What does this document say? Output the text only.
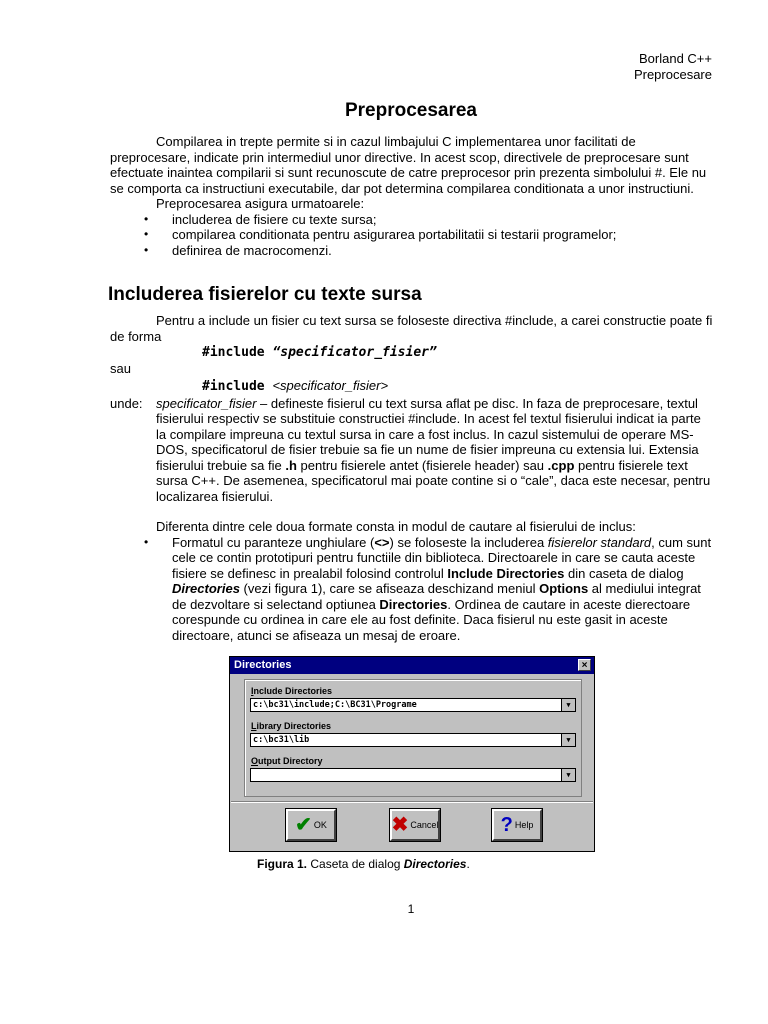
Borland C++
Preprocesare
Preprocesarea

Compilarea in trepte permite si in cazul limbajului C implementarea unor facilitati de preprocesare, indicate prin intermediul unor directive. In acest scop, directivele de preprocesare sunt efectuate inaintea compilarii si sunt recunoscute de catre preprocesor prin prezenta simbolului #. Ele nu se comporta ca instructiuni executabile, dar pot determina compilarea conditionata a unor instructiuni.

Preprocesarea asigura urmatoarele:

• includerea de fisiere cu texte sursa;
• compilarea conditionata pentru asigurarea portabilitatii si testarii programelor;
• definirea de macrocomenzi.
Includerea fisierelor cu texte sursa

Pentru a include un fisier cu text sursa se foloseste directiva #include, a carei constructie poate fi de forma

#include “specificator_fisier”

sau

#include <specificator_fisier>

unde:	specificator_fisier – defineste fisierul cu text sursa aflat pe disc. In faza de preprocesare, textul fisierului respectiv se substituie constructiei #include. In acest fel textul fisierului indicat ia parte la compilare impreuna cu textul sursa in care a fost inclus. In cazul sistemului de operare MS-DOS, specificatorul de fisier trebuie sa fie un nume de fisier impreuna cu extensia lui. Extensia fisierului trebuie sa fie .h pentru fisierele antet (fisierele header) sau .cpp pentru fisierele text sursa C++. De asemenea, specificatorul mai poate contine si o “cale”, daca este necesar, pentru localizarea fisierului.

Diferenta dintre cele doua formate consta in modul de cautare al fisierului de inclus:

• Formatul cu paranteze unghiulare (<>) se foloseste la includerea fisierelor standard, cum sunt cele ce contin prototipuri pentru functiile din biblioteca. Directoarele in care se cauta aceste fisiere se definesc in prealabil folosind controlul Include Directories din caseta de dialog Directories (vezi figura 1), care se afiseaza deschizand meniul Options al mediului integrat de dezvoltare si selectand optiunea Directories. Ordinea de cautare in aceste dierectoare corespunde cu ordinea in care ele au fost definite. Daca fisierul nu este gasit in aceste directoare, atunci se afiseaza un mesaj de eroare.
Directories	×
Include Directories
c:\bc31\include;C:\BC31\Programe	▼
Library Directories
c:\bc31\lib	▼
Output Directory
▼
✔ OK	✖ Cancel	? Help
Figura 1. Caseta de dialog Directories.
1
